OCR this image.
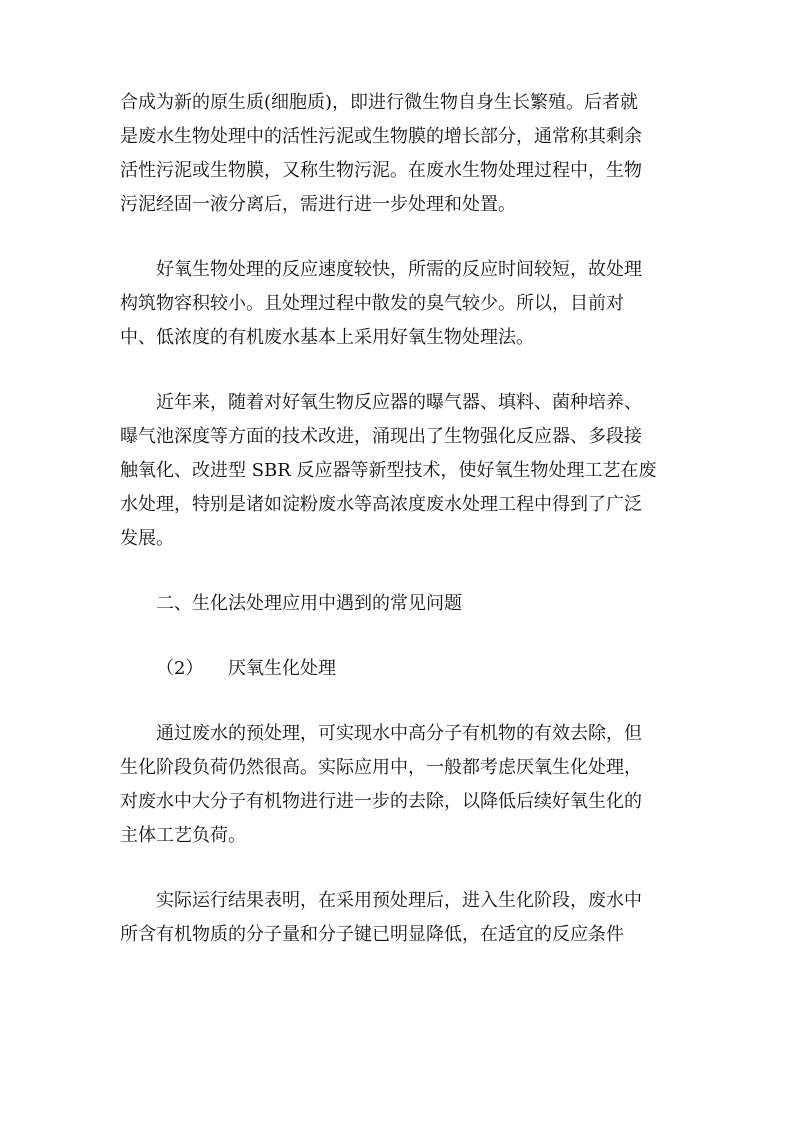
合成为新的原生质(细胞质)，即进行微生物自身生长繁殖。后者就
是废水生物处理中的活性污泥或生物膜的增长部分，通常称其剩余
活性污泥或生物膜，又称生物污泥。在废水生物处理过程中，生物
污泥经固一液分离后，需进行进一步处理和处置。
好氧生物处理的反应速度较快，所需的反应时间较短，故处理
构筑物容积较小。且处理过程中散发的臭气较少。所以，目前对
中、低浓度的有机废水基本上采用好氧生物处理法。
近年来，随着对好氧生物反应器的曝气器、填料、菌种培养、
曝气池深度等方面的技术改进，涌现出了生物强化反应器、多段接
触氧化、改进型 SBR 反应器等新型技术，使好氧生物处理工艺在废
水处理，特别是诸如淀粉废水等高浓度废水处理工程中得到了广泛
发展。
二、生化法处理应用中遇到的常见问题
（2） 厌氧生化处理
通过废水的预处理，可实现水中高分子有机物的有效去除，但
生化阶段负荷仍然很高。实际应用中，一般都考虑厌氧生化处理，
对废水中大分子有机物进行进一步的去除，以降低后续好氧生化的
主体工艺负荷。
实际运行结果表明，在采用预处理后，进入生化阶段，废水中
所含有机物质的分子量和分子键已明显降低，在适宜的反应条件
